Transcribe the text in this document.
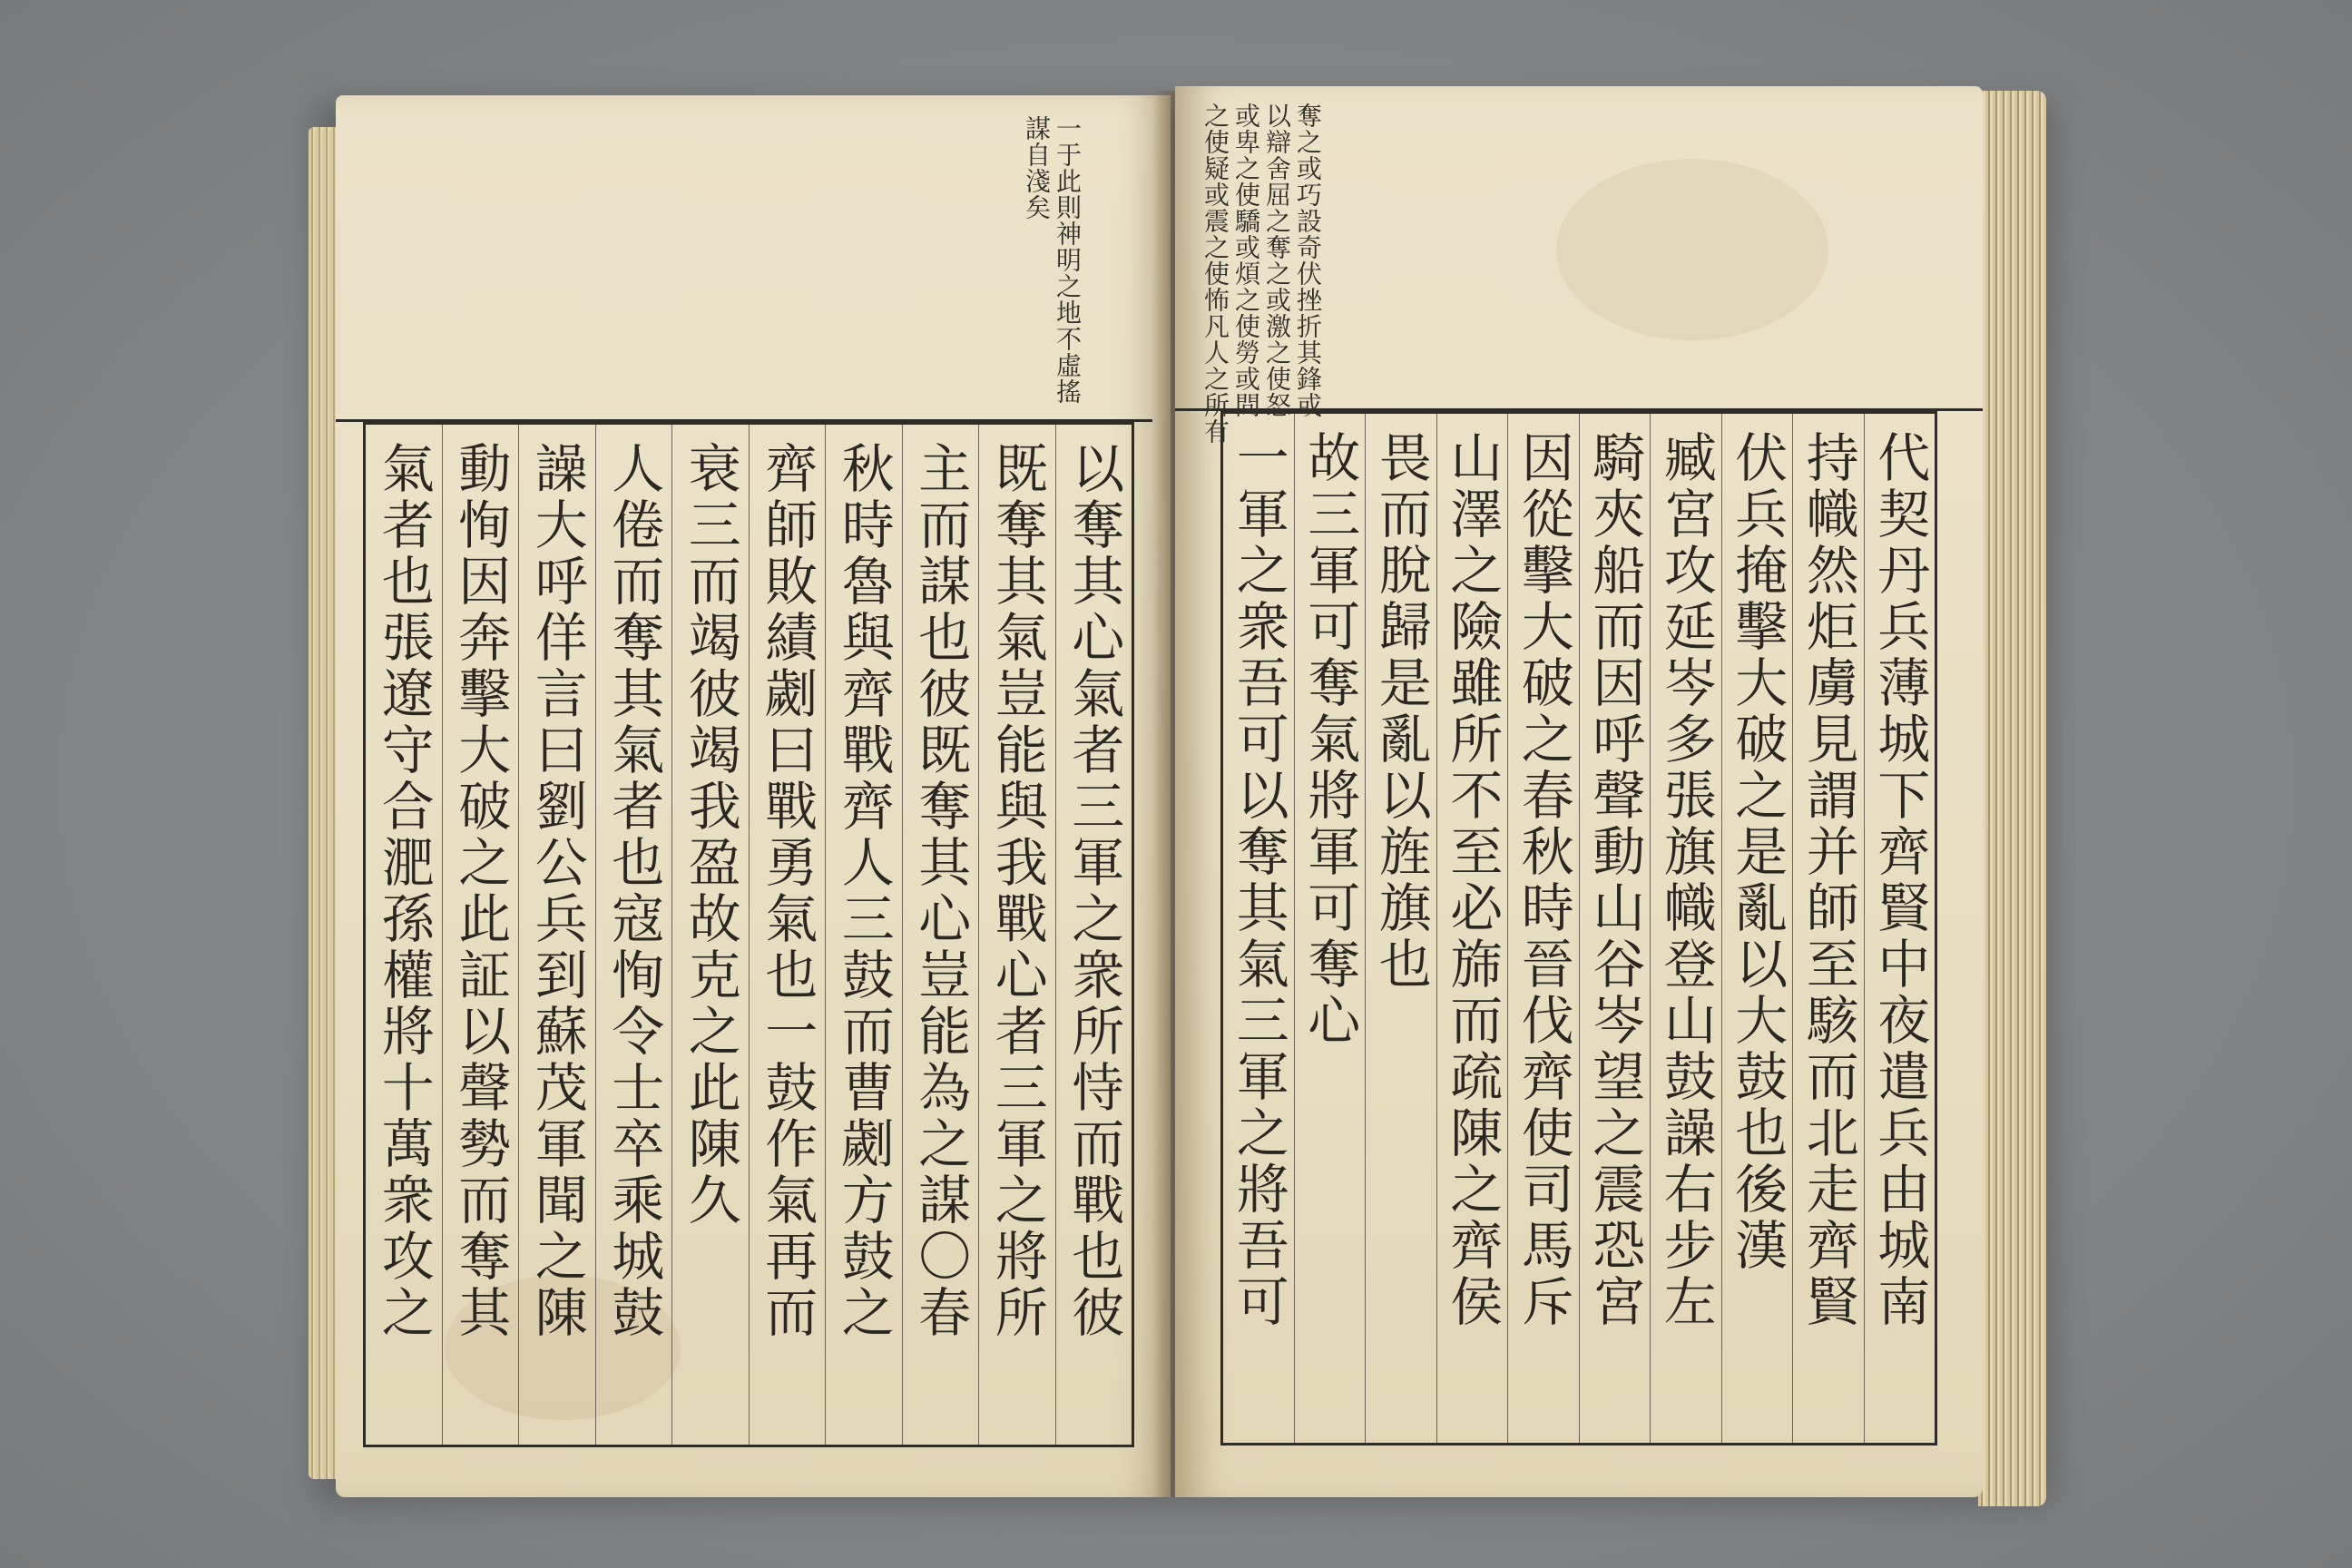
一于此則神明之地不虛搖
謀自淺矣
以奪其心氣者三軍之衆所恃而戰也彼
既奪其氣豈能與我戰心者三軍之將所
主而謀也彼既奪其心豈能為之謀〇春
秋時魯與齊戰齊人三鼓而曹劌方鼓之
齊師敗績劌曰戰勇氣也一鼓作氣再而
衰三而竭彼竭我盈故克之此陳久
人倦而奪其氣者也寇恂令士卒乘城鼓
譟大呼佯言曰劉公兵到蘇茂軍聞之陳
動恂因奔擊大破之此証以聲勢而奪其
氣者也張遼守合淝孫權將十萬衆攻之
奪之或巧設奇伏挫折其鋒或
以辯舍屈之奪之或激之使怒
或卑之使驕或煩之使勞或間
之使疑或震之使怖凡人之所有
代契丹兵薄城下齊賢中夜遣兵由城南
持幟然炬虜見謂并師至駭而北走齊賢
伏兵掩擊大破之是亂以大鼓也後漢
臧宮攻延岑多張旗幟登山鼓譟右步左
騎夾船而因呼聲動山谷岑望之震恐宮
因從擊大破之春秋時晉伐齊使司馬斥
山澤之險雖所不至必旆而疏陳之齊侯
畏而脫歸是亂以旌旗也
故三軍可奪氣將軍可奪心
一軍之衆吾可以奪其氣三軍之將吾可
